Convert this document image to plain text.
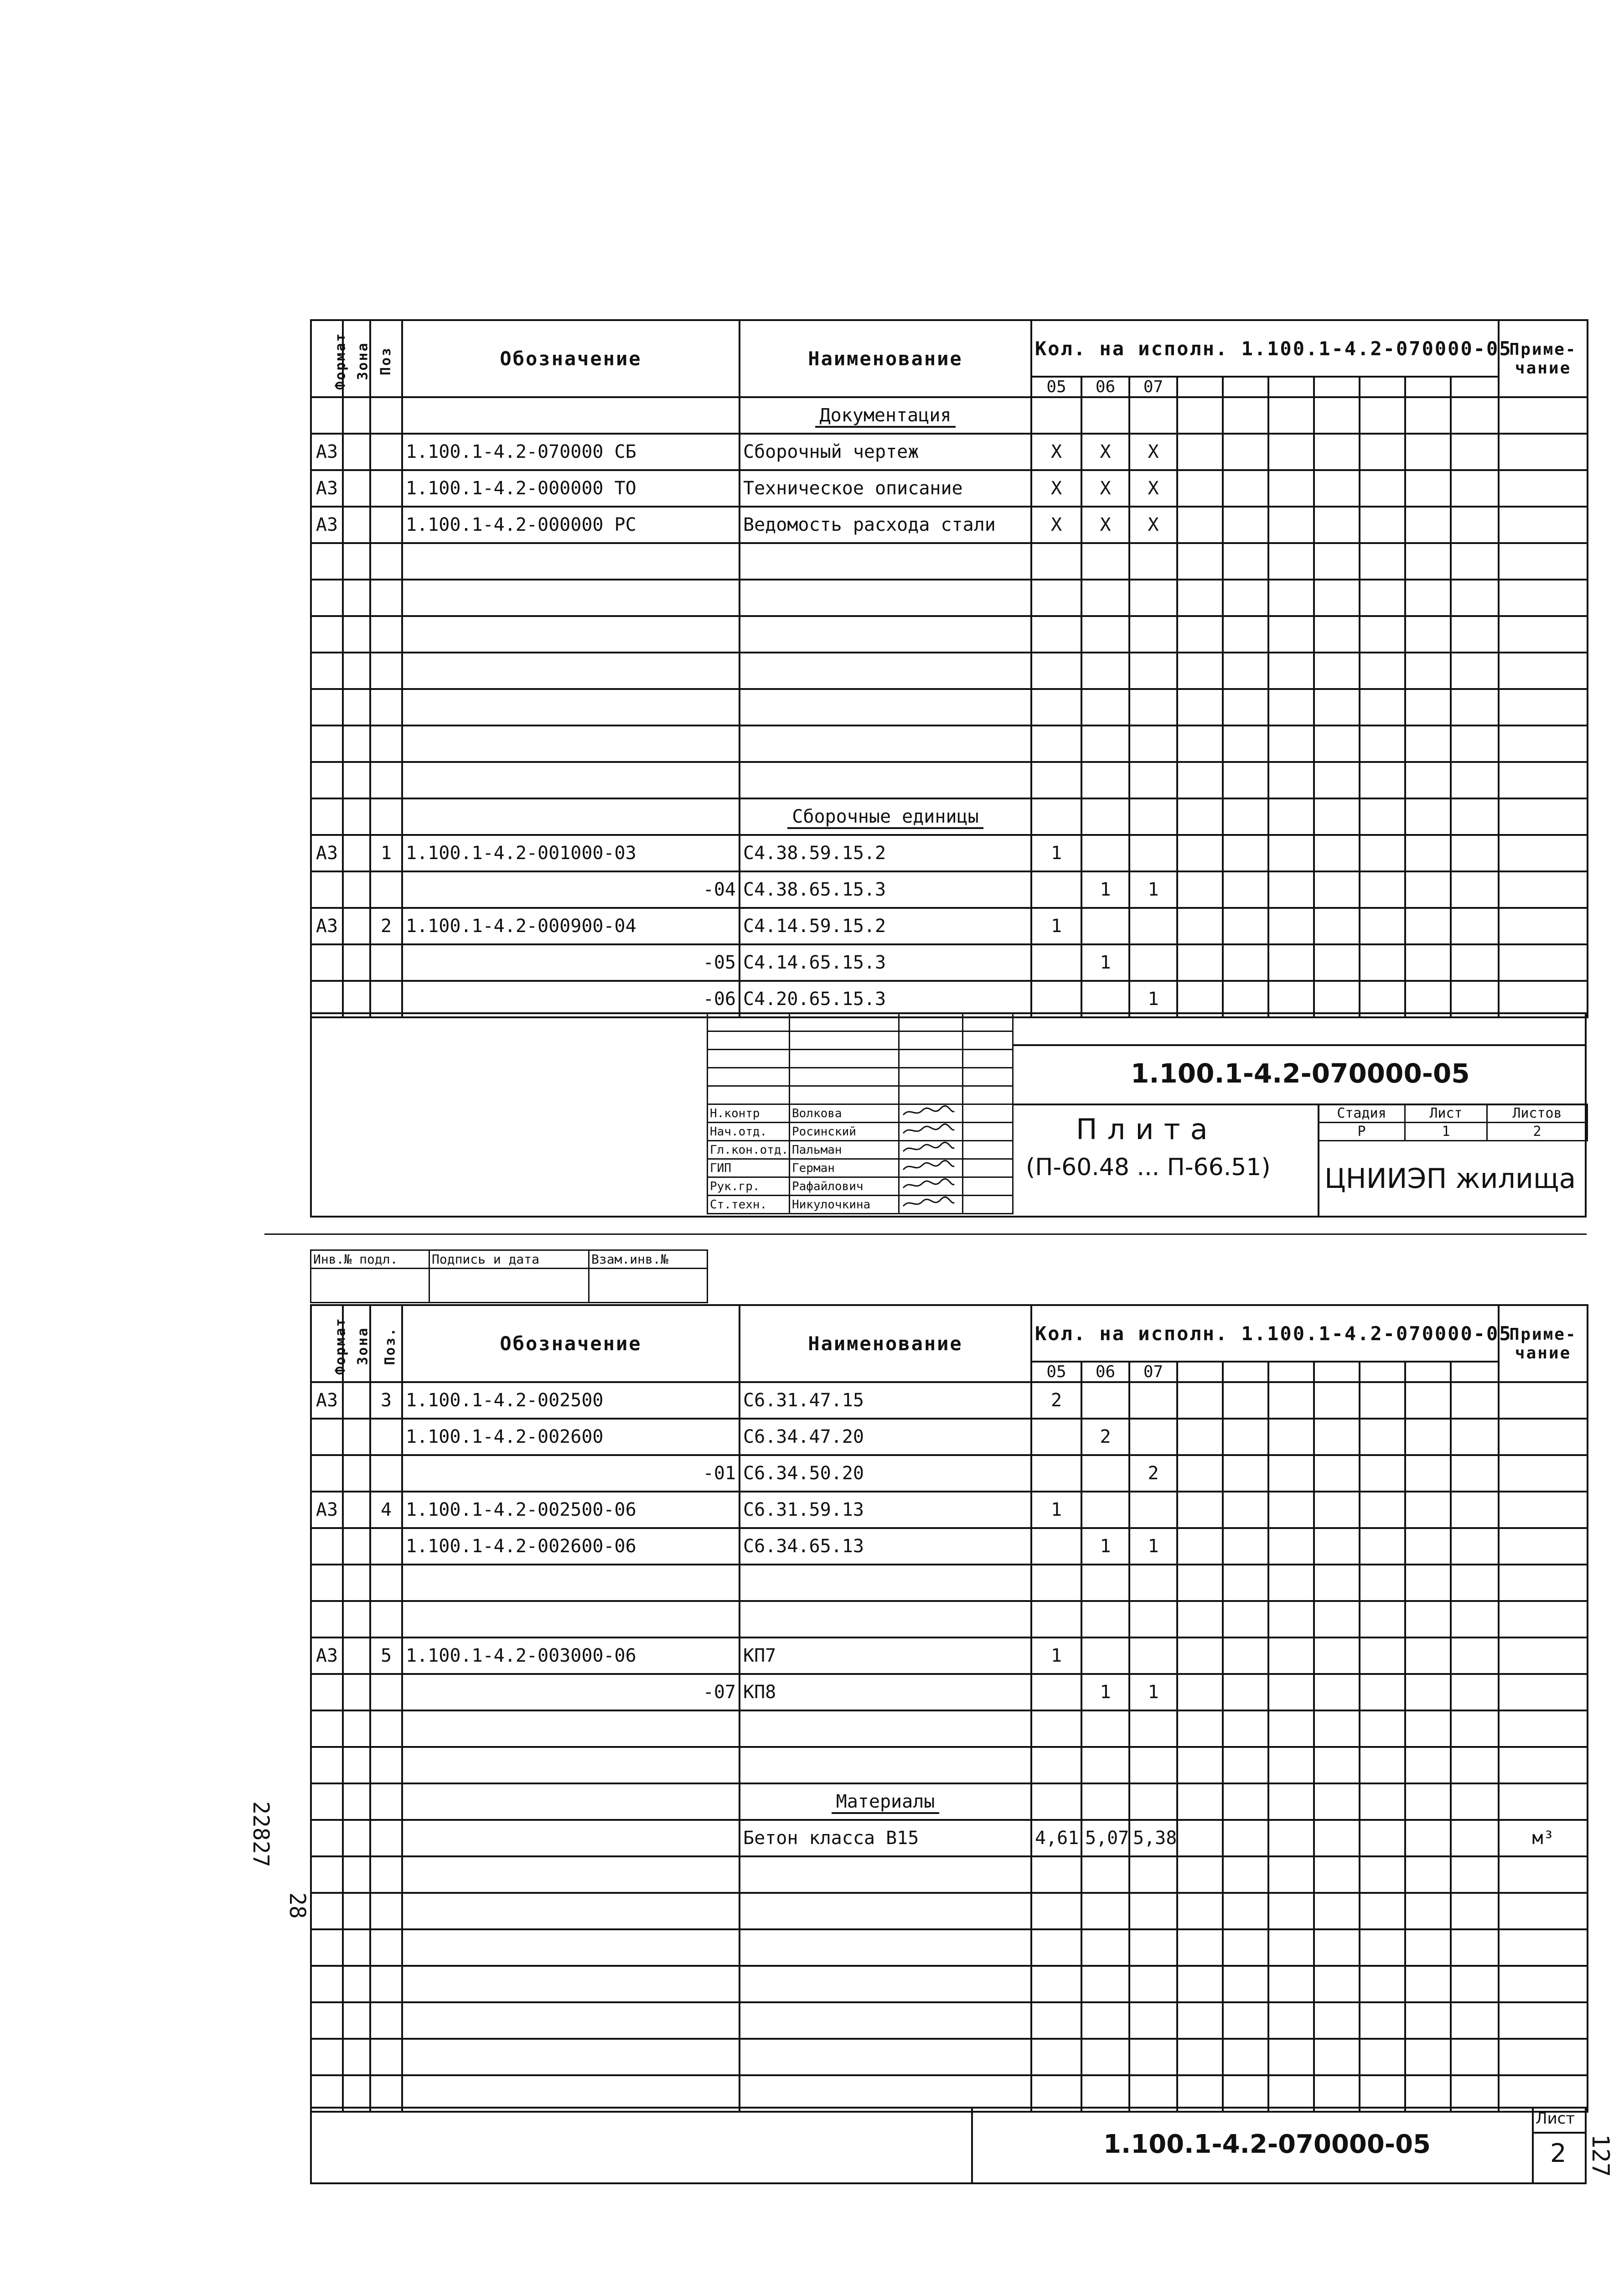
Формат	Зона	Поз	Обозначение	Наименование	Кол. на исполн. 1.100.1-4.2-070000-05										Приме-чание
					05	06	07								
				Документация											
А3			1.100.1-4.2-070000 СБ	Сборочный чертеж	X	X	X								
А3			1.100.1-4.2-000000 ТО	Техническое описание	X	X	X								
А3			1.100.1-4.2-000000 РС	Ведомость расхода стали	X	X	X								

				Сборочные единицы											
А3		1	1.100.1-4.2-001000-03	С4.38.59.15.2	1										
			-04	С4.38.65.15.3		1	1								
А3		2	1.100.1-4.2-000900-04	С4.14.59.15.2	1										
			-05	С4.14.65.15.3		1									
			-06	С4.20.65.15.3			1								

Н.контр	Волкова		
Нач.отд.	Росинский		
Гл.кон.отд.	Пальман		
ГИП	Герман		
Рук.гр.	Рафайлович		
Ст.техн.	Никулочкина		
1.100.1-4.2-070000-05
Плита
(П-60.48 ... П-66.51)
Стадия	Лист	Листов
Р	1	2
ЦНИИЭП жилища
Инв.№ подл.	Подпись и дата	Взам.инв.№

Формат	Зона	Поз.	Обозначение	Наименование	Кол. на исполн. 1.100.1-4.2-070000-05										Приме-чание
					05	06	07								
А3		3	1.100.1-4.2-002500	С6.31.47.15	2										
			1.100.1-4.2-002600	С6.34.47.20		2									
			-01	С6.34.50.20			2								
А3		4	1.100.1-4.2-002500-06	С6.31.59.13	1										
			1.100.1-4.2-002600-06	С6.34.65.13		1	1								

А3		5	1.100.1-4.2-003000-06	КП7	1										
			-07	КП8		1	1								

				Материалы											
				Бетон класса В15	4,61	5,07	5,38								м³

1.100.1-4.2-070000-05
Лист
2
22827
28
127
